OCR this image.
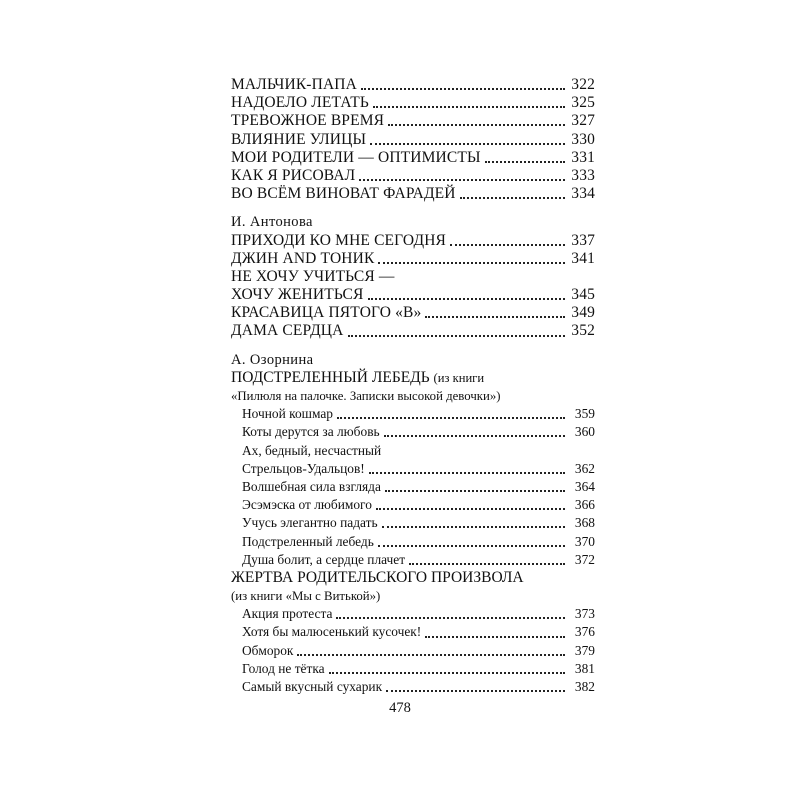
МАЛЬЧИК-ПАПА	322
НАДОЕЛО ЛЕТАТЬ	325
ТРЕВОЖНОЕ ВРЕМЯ	327
ВЛИЯНИЕ УЛИЦЫ	330
МОИ РОДИТЕЛИ — ОПТИМИСТЫ	331
КАК Я РИСОВАЛ	333
ВО ВСЁМ ВИНОВАТ ФАРАДЕЙ	334
И. Антонова
ПРИХОДИ КО МНЕ СЕГОДНЯ	337
ДЖИН AND ТОНИК	341
НЕ ХОЧУ УЧИТЬСЯ —
ХОЧУ ЖЕНИТЬСЯ	345
КРАСАВИЦА ПЯТОГО «В»	349
ДАМА СЕРДЦА	352
А. Озорнина
ПОДСТРЕЛЕННЫЙ ЛЕБЕДЬ (из книги
«Пилюля на палочке. Записки высокой девочки»)
Ночной кошмар	359
Коты дерутся за любовь	360
Ах, бедный, несчастный
Стрельцов-Удальцов!	362
Волшебная сила взгляда	364
Эсэмэска от любимого	366
Учусь элегантно падать	368
Подстреленный лебедь	370
Душа болит, а сердце плачет	372
ЖЕРТВА РОДИТЕЛЬСКОГО ПРОИЗВОЛА
(из книги «Мы с Витькой»)
Акция протеста	373
Хотя бы малюсенький кусочек!	376
Обморок	379
Голод не тётка	381
Самый вкусный сухарик	382
478
